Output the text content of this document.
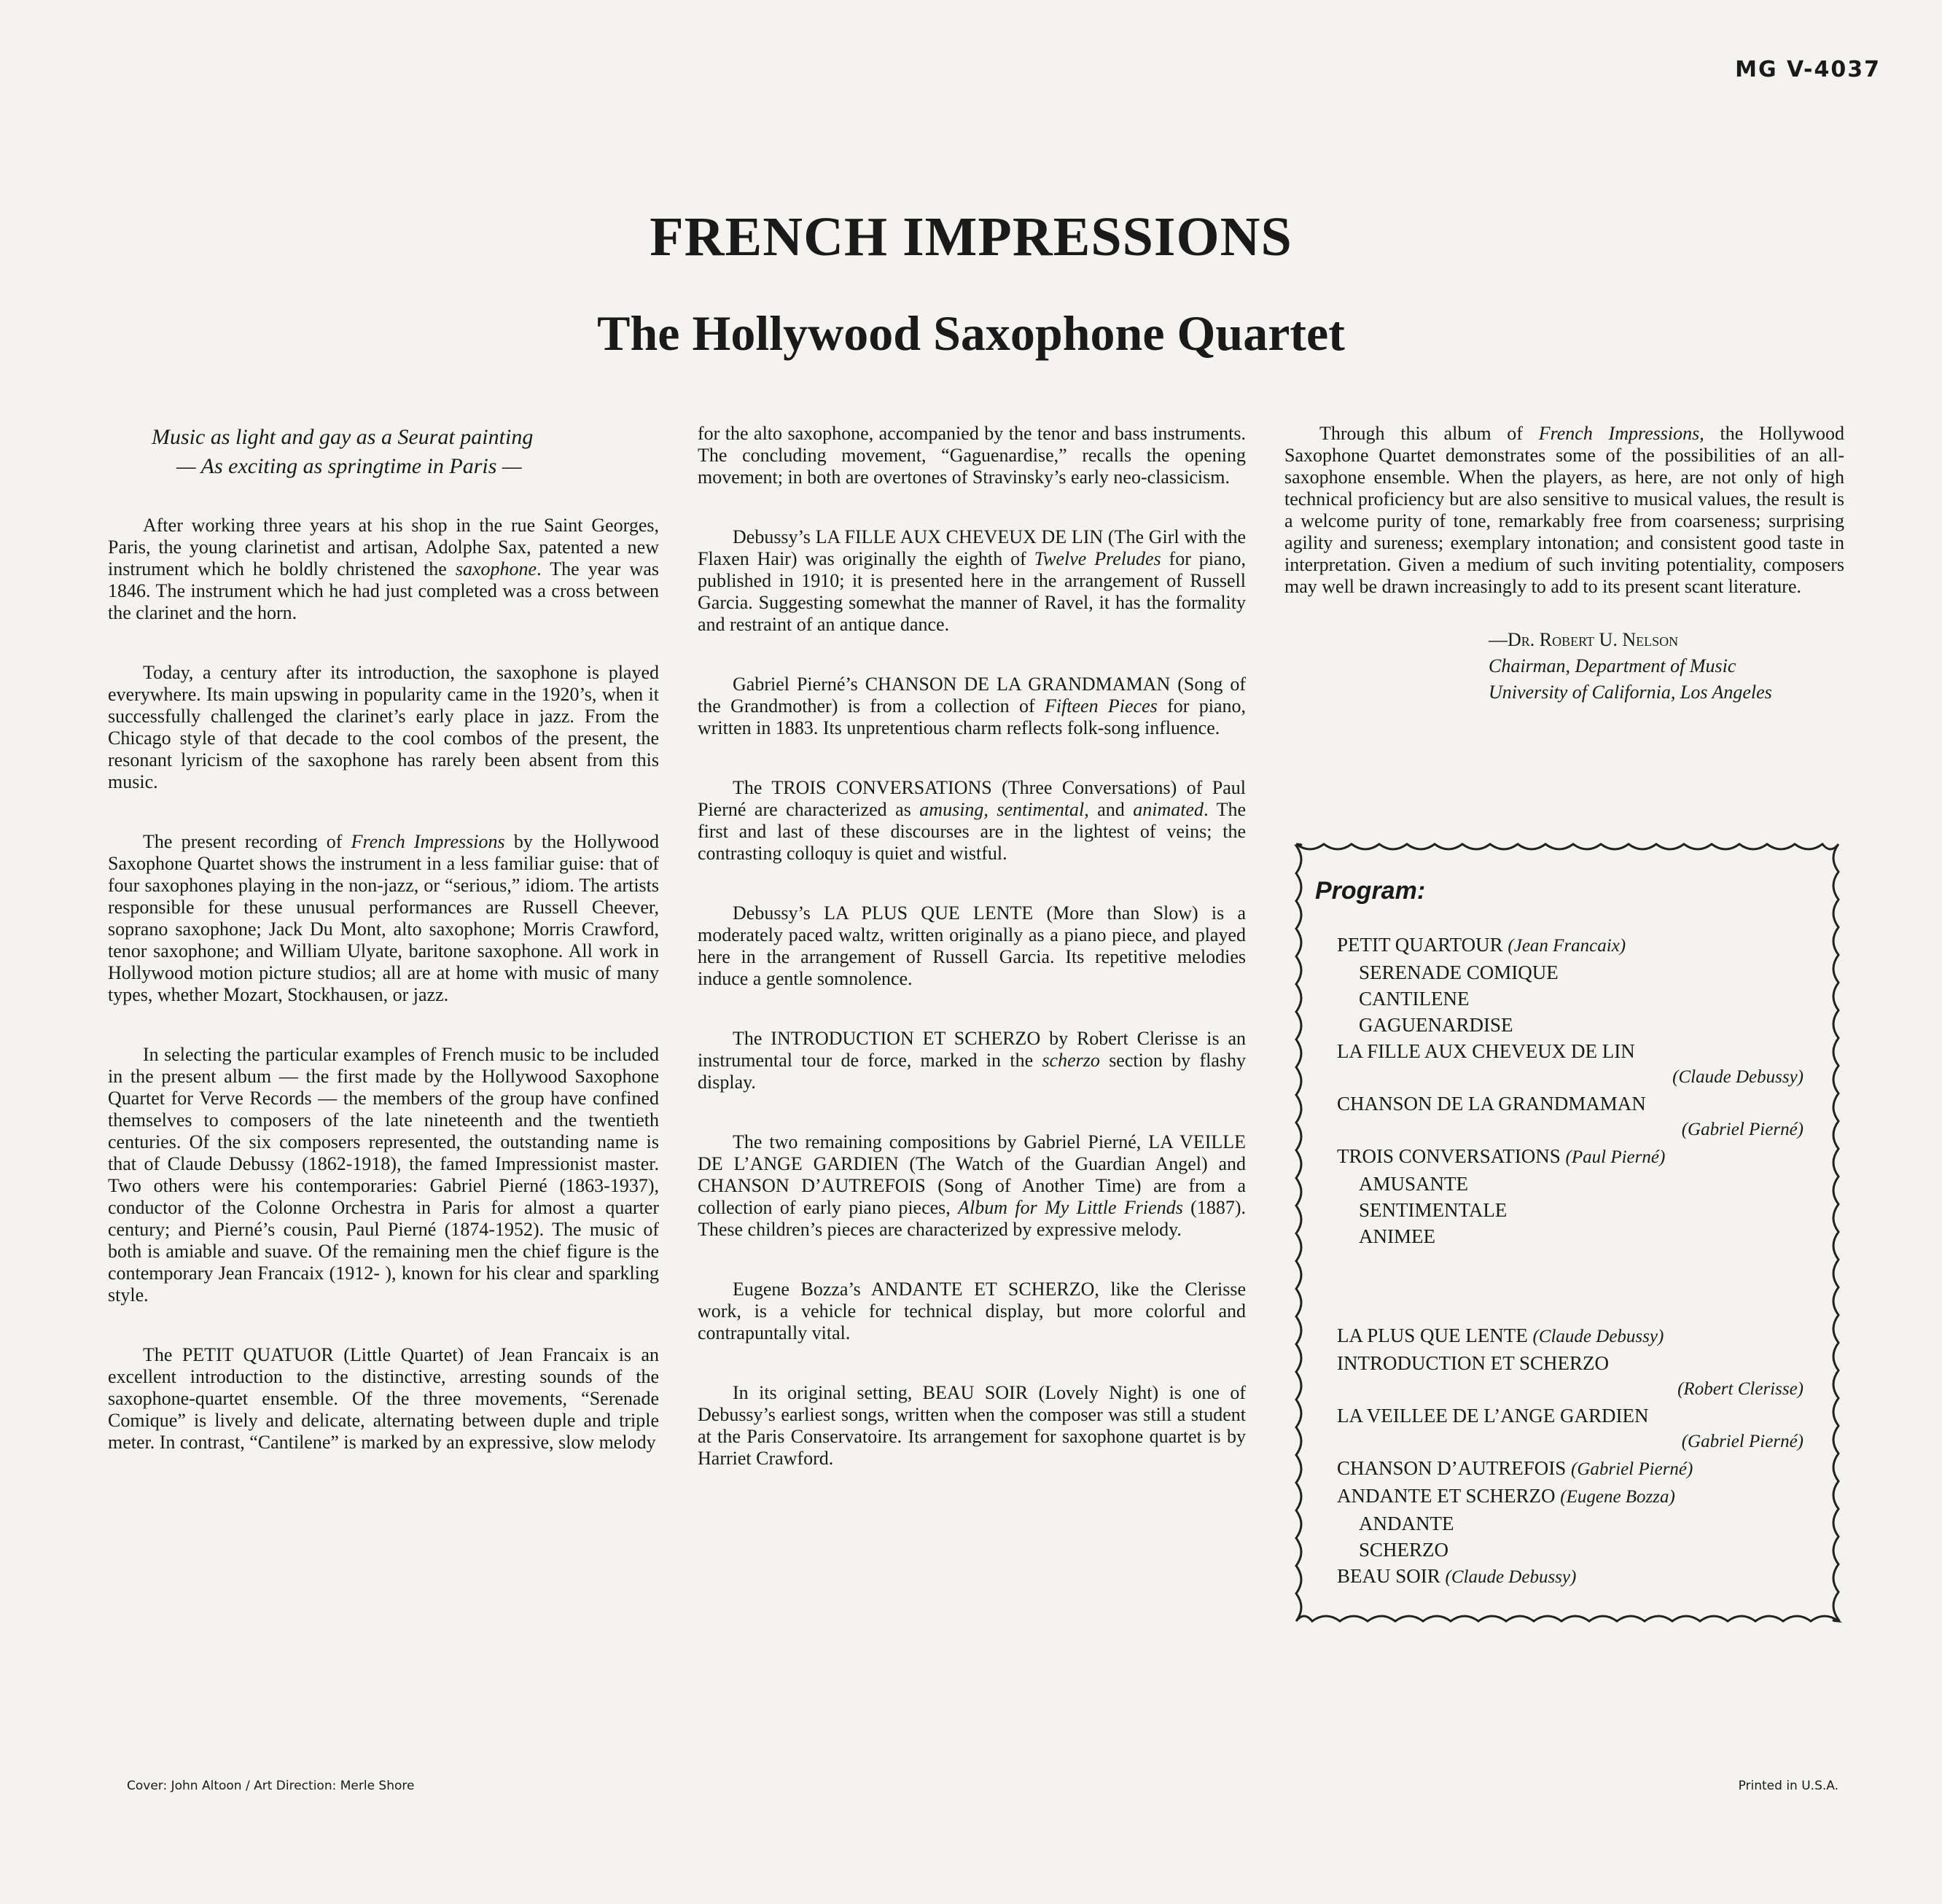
MG V-4037
FRENCH IMPRESSIONS
The Hollywood Saxophone Quartet
Music as light and gay as a Seurat painting
— As exciting as springtime in Paris —

After working three years at his shop in the rue Saint Georges, Paris, the young clarinetist and artisan, Adolphe Sax, patented a new instrument which he boldly christened the saxophone. The year was 1846. The instrument which he had just completed was a cross between the clarinet and the horn.

Today, a century after its introduction, the saxophone is played everywhere. Its main upswing in popularity came in the 1920’s, when it successfully challenged the clarinet’s early place in jazz. From the Chicago style of that decade to the cool combos of the present, the resonant lyricism of the saxophone has rarely been absent from this music.

The present recording of French Impressions by the Hollywood Saxophone Quartet shows the instrument in a less familiar guise: that of four saxophones playing in the non-jazz, or “serious,” idiom. The artists responsible for these unusual performances are Russell Cheever, soprano saxophone; Jack Du Mont, alto saxophone; Morris Crawford, tenor saxophone; and William Ulyate, baritone saxophone. All work in Hollywood motion picture studios; all are at home with music of many types, whether Mozart, Stockhausen, or jazz.

In selecting the particular examples of French music to be included in the present album — the first made by the Hollywood Saxophone Quartet for Verve Records — the members of the group have confined themselves to composers of the late nineteenth and the twentieth centuries. Of the six composers represented, the outstanding name is that of Claude Debussy (1862-1918), the famed Impressionist master. Two others were his contemporaries: Gabriel Pierné (1863-1937), conductor of the Colonne Orchestra in Paris for almost a quarter century; and Pierné’s cousin, Paul Pierné (1874-1952). The music of both is amiable and suave. Of the remaining men the chief figure is the contemporary Jean Francaix (1912- ), known for his clear and sparkling style.

The PETIT QUATUOR (Little Quartet) of Jean Francaix is an excellent introduction to the distinctive, arresting sounds of the saxophone-quartet ensemble. Of the three movements, “Serenade Comique” is lively and delicate, alternating between duple and triple meter. In contrast, “Cantilene” is marked by an expressive, slow melody

for the alto saxophone, accompanied by the tenor and bass instruments. The concluding movement, “Gaguenardise,” recalls the opening movement; in both are overtones of Stravinsky’s early neo-classicism.

Debussy’s LA FILLE AUX CHEVEUX DE LIN (The Girl with the Flaxen Hair) was originally the eighth of Twelve Preludes for piano, published in 1910; it is presented here in the arrangement of Russell Garcia. Suggesting somewhat the manner of Ravel, it has the formality and restraint of an antique dance.

Gabriel Pierné’s CHANSON DE LA GRANDMAMAN (Song of the Grandmother) is from a collection of Fifteen Pieces for piano, written in 1883. Its unpretentious charm reflects folk-song influence.

The TROIS CONVERSATIONS (Three Conversations) of Paul Pierné are characterized as amusing, sentimental, and animated. The first and last of these discourses are in the lightest of veins; the contrasting colloquy is quiet and wistful.

Debussy’s LA PLUS QUE LENTE (More than Slow) is a moderately paced waltz, written originally as a piano piece, and played here in the arrangement of Russell Garcia. Its repetitive melodies induce a gentle somnolence.

The INTRODUCTION ET SCHERZO by Robert Clerisse is an instrumental tour de force, marked in the scherzo section by flashy display.

The two remaining compositions by Gabriel Pierné, LA VEILLE DE L’ANGE GARDIEN (The Watch of the Guardian Angel) and CHANSON D’AUTREFOIS (Song of Another Time) are from a collection of early piano pieces, Album for My Little Friends (1887). These children’s pieces are characterized by expressive melody.

Eugene Bozza’s ANDANTE ET SCHERZO, like the Clerisse work, is a vehicle for technical display, but more colorful and contrapuntally vital.

In its original setting, BEAU SOIR (Lovely Night) is one of Debussy’s earliest songs, written when the composer was still a student at the Paris Conservatoire. Its arrangement for saxophone quartet is by Harriet Crawford.

Through this album of French Impressions, the Hollywood Saxophone Quartet demonstrates some of the possibilities of an all-saxophone ensemble. When the players, as here, are not only of high technical proficiency but are also sensitive to musical values, the result is a welcome purity of tone, remarkably free from coarseness; surprising agility and sureness; exemplary intonation; and consistent good taste in interpretation. Given a medium of such inviting potentiality, composers may well be drawn increasingly to add to its present scant literature.

—Dr. Robert U. Nelson
Chairman, Department of Music
University of California, Los Angeles
Program:
PETIT QUARTOUR (Jean Francaix)
SERENADE COMIQUE
CANTILENE
GAGUENARDISE
LA FILLE AUX CHEVEUX DE LIN
(Claude Debussy)
CHANSON DE LA GRANDMAMAN
(Gabriel Pierné)
TROIS CONVERSATIONS (Paul Pierné)
AMUSANTE
SENTIMENTALE
ANIMEE
LA PLUS QUE LENTE (Claude Debussy)
INTRODUCTION ET SCHERZO
(Robert Clerisse)
LA VEILLEE DE L’ANGE GARDIEN
(Gabriel Pierné)
CHANSON D’AUTREFOIS (Gabriel Pierné)
ANDANTE ET SCHERZO (Eugene Bozza)
ANDANTE
SCHERZO
BEAU SOIR (Claude Debussy)
Cover: John Altoon / Art Direction: Merle Shore	Printed in U.S.A.
